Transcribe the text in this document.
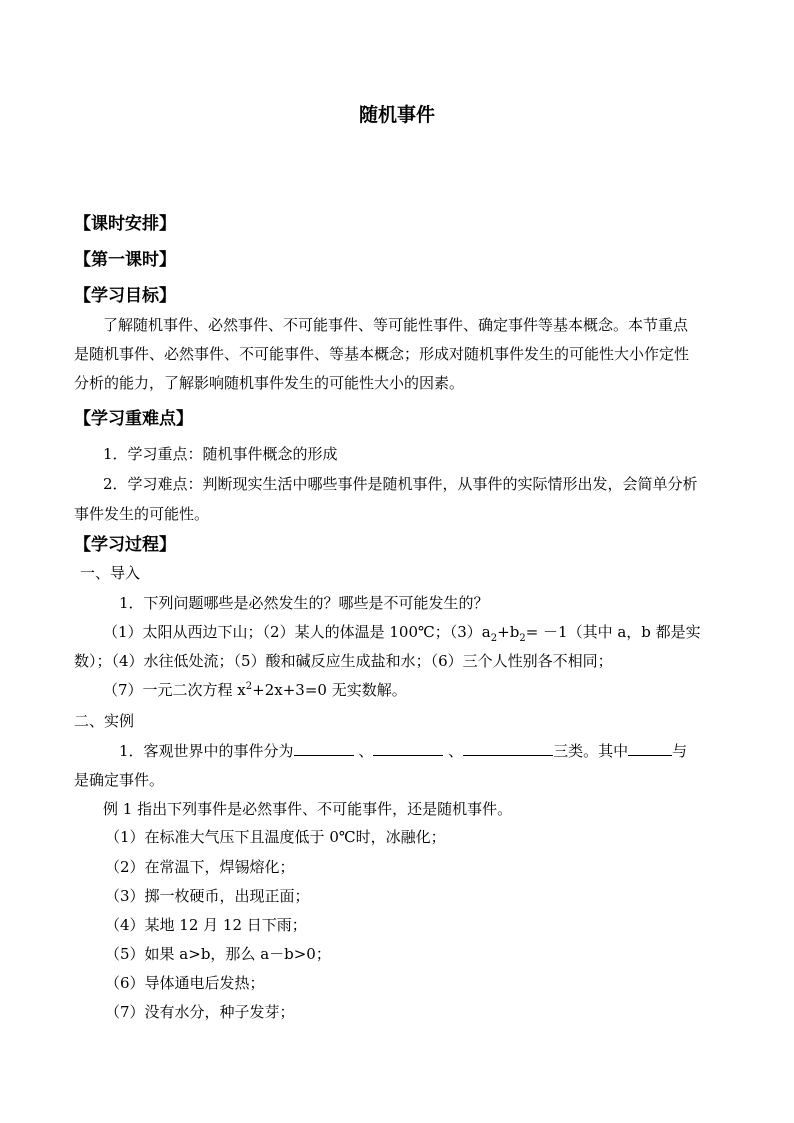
随机事件
【课时安排】
【第一课时】
【学习目标】
了解随机事件、必然事件、不可能事件、等可能性事件、确定事件等基本概念。本节重点
是随机事件、必然事件、不可能事件、等基本概念；形成对随机事件发生的可能性大小作定性
分析的能力，了解影响随机事件发生的可能性大小的因素。
【学习重难点】
1．学习重点：随机事件概念的形成
2．学习难点：判断现实生活中哪些事件是随机事件，从事件的实际情形出发，会简单分析
事件发生的可能性。
【学习过程】
一、导入
1．下列问题哪些是必然发生的？哪些是不可能发生的？
（1）太阳从西边下山；（2）某人的体温是 100℃；$(3)a_2+b_2= -1$（其中 a，b 都是实
数）；（4）水往低处流；（5）酸和碱反应生成盐和水；（6）三个人性别各不相同；
（7）一元二次方程 $x^2+2x+3=0$ 无实数解。
二、实例
1．客观世界中的事件分为	、	、	三类。其中	与
是确定事件。
例 1 指出下列事件是必然事件、不可能事件，还是随机事件。
（1）在标准大气压下且温度低于 0℃时，冰融化；
（2）在常温下，焊锡熔化；
（3）掷一枚硬币，出现正面；
（4）某地 12 月 12 日下雨；
（5）如果 a>b，那么 a－b>0；
（6）导体通电后发热；
（7）没有水分，种子发芽；
